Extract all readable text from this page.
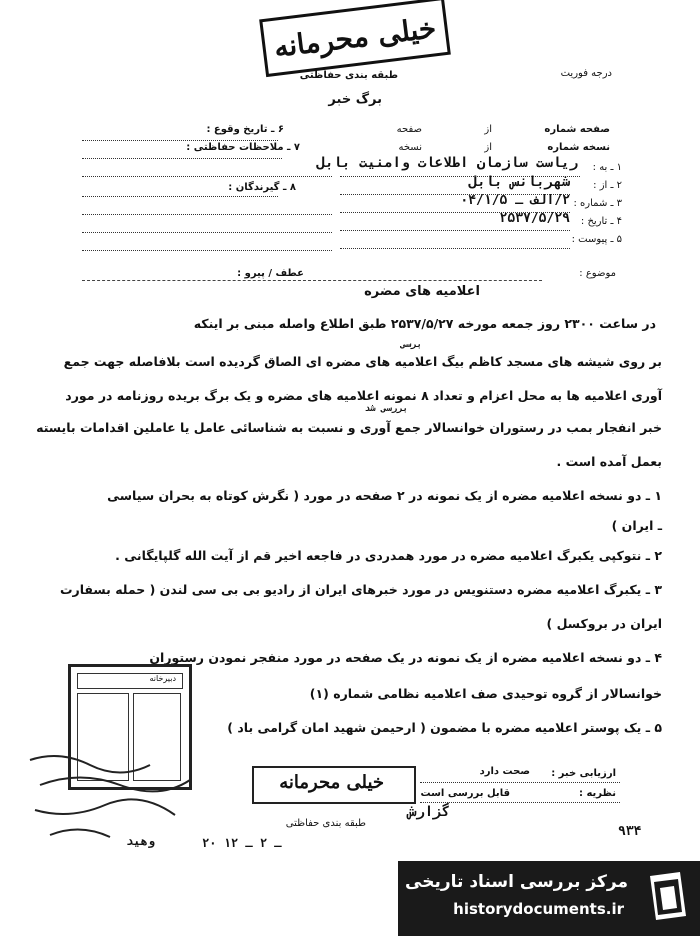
خیلی محرمانه
درجه فوریت
طبقه بندی حفاظتی
برگ خبر
صفحه شماره
از
صفحه
نسخه شماره
از
نسخه
۱ ـ به :
ریاست سازمان اطلاعات وامنیت بابل
۲ ـ از :
شهربانس بابل
۳ ـ شماره :
۲/الف ـ ۰۴/۱/۵
۴ ـ تاریخ :
۲۵۳۷/۵/۲۹
۵ ـ پیوست :
۶ ـ تاریخ وقوع :
۷ ـ ملاحظات حفاظتی :
۸ ـ گیرندگان :
موضوع :
عطف / پیرو :
اعلامیه های مضره
در ساعت ۲۳۰۰ روز جمعه مورخه ۲۵۳۷/۵/۲۷ طبق اطلاع واصله مبنی بر اینکه
برسی
بر روی شیشه های مسجد کاظم بیگ اعلامیه های مضره ای الصاق گردیده است بلافاصله جهت جمع
آوری اعلامیه ها به محل اعزام و تعداد ۸ نمونه اعلامیه های مضره و یک برگ بریده روزنامه در مورد
بررسی شد
خبر انفجار بمب در رستوران خوانسالار جمع آوری و نسبت به شناسائی عامل یا عاملین اقدامات بایسته
بعمل آمده است .
۱ ـ دو نسخه اعلامیه مضره از یک نمونه در ۲ صفحه در مورد ( نگرش کوتاه به بحران سیاسی
ـ ایران )
۲ ـ نتوکپی یکبرگ اعلامیه مضره در مورد همدردی در فاجعه اخیر قم از آیت الله گلپایگانی .
۳ ـ یکبرگ اعلامیه مضره دستنویس در مورد خبرهای ایران از رادیو بی بی سی لندن ( حمله بسفارت
ایران در بروکسل )
۴ ـ دو نسخه اعلامیه مضره از یک نمونه در یک صفحه در مورد منفجر نمودن رستوران
خوانسالار از گروه توحیدی صف اعلامیه نظامی شماره (۱)
۵ ـ یک پوستر اعلامیه مضره با مضمون ( ارحیمن شهید امان گرامی باد )
دبیرخانه
ارزیابی خبر :
صحت دارد
نظریه :
قابل بررسی است
خیلی محرمانه
طبقه بندی حفاظتی
گزارش
۲۰ ـ ۲ ـ ۱۲
وهید
۹۳۴
مرکز بررسی اسناد تاریخی
historydocuments.ir
